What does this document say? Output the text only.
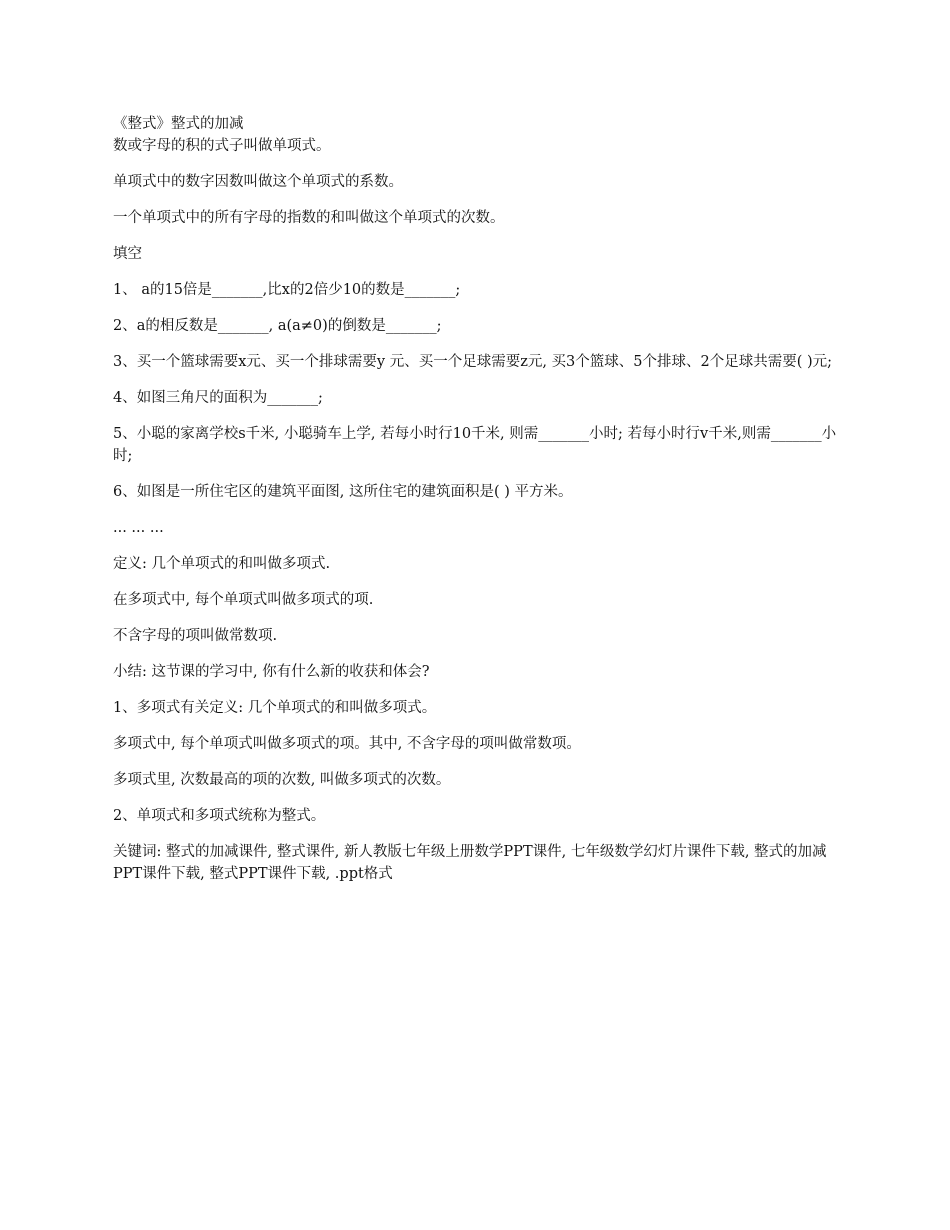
《整式》整式的加减

数或字母的积的式子叫做单项式。

单项式中的数字因数叫做这个单项式的系数。

一个单项式中的所有字母的指数的和叫做这个单项式的次数。

填空

1、 a的15倍是_______,比x的2倍少10的数是_______;

2、a的相反数是_______, a(a≠0)的倒数是_______;

3、买一个篮球需要x元、买一个排球需要y 元、买一个足球需要z元, 买3个篮球、5个排球、2个足球共需要( )元;

4、如图三角尺的面积为_______;

5、小聪的家离学校s千米, 小聪骑车上学, 若每小时行10千米, 则需_______小时; 若每小时行v千米,则需_______小时;

6、如图是一所住宅区的建筑平面图, 这所住宅的建筑面积是( ) 平方米。

... ... ...

定义: 几个单项式的和叫做多项式.

在多项式中, 每个单项式叫做多项式的项.

不含字母的项叫做常数项.

小结: 这节课的学习中, 你有什么新的收获和体会?

1、多项式有关定义: 几个单项式的和叫做多项式。

多项式中, 每个单项式叫做多项式的项。其中, 不含字母的项叫做常数项。

多项式里, 次数最高的项的次数, 叫做多项式的次数。

2、单项式和多项式统称为整式。

关键词: 整式的加减课件, 整式课件, 新人教版七年级上册数学PPT课件, 七年级数学幻灯片课件下载, 整式的加减PPT课件下载, 整式PPT课件下载, .ppt格式
